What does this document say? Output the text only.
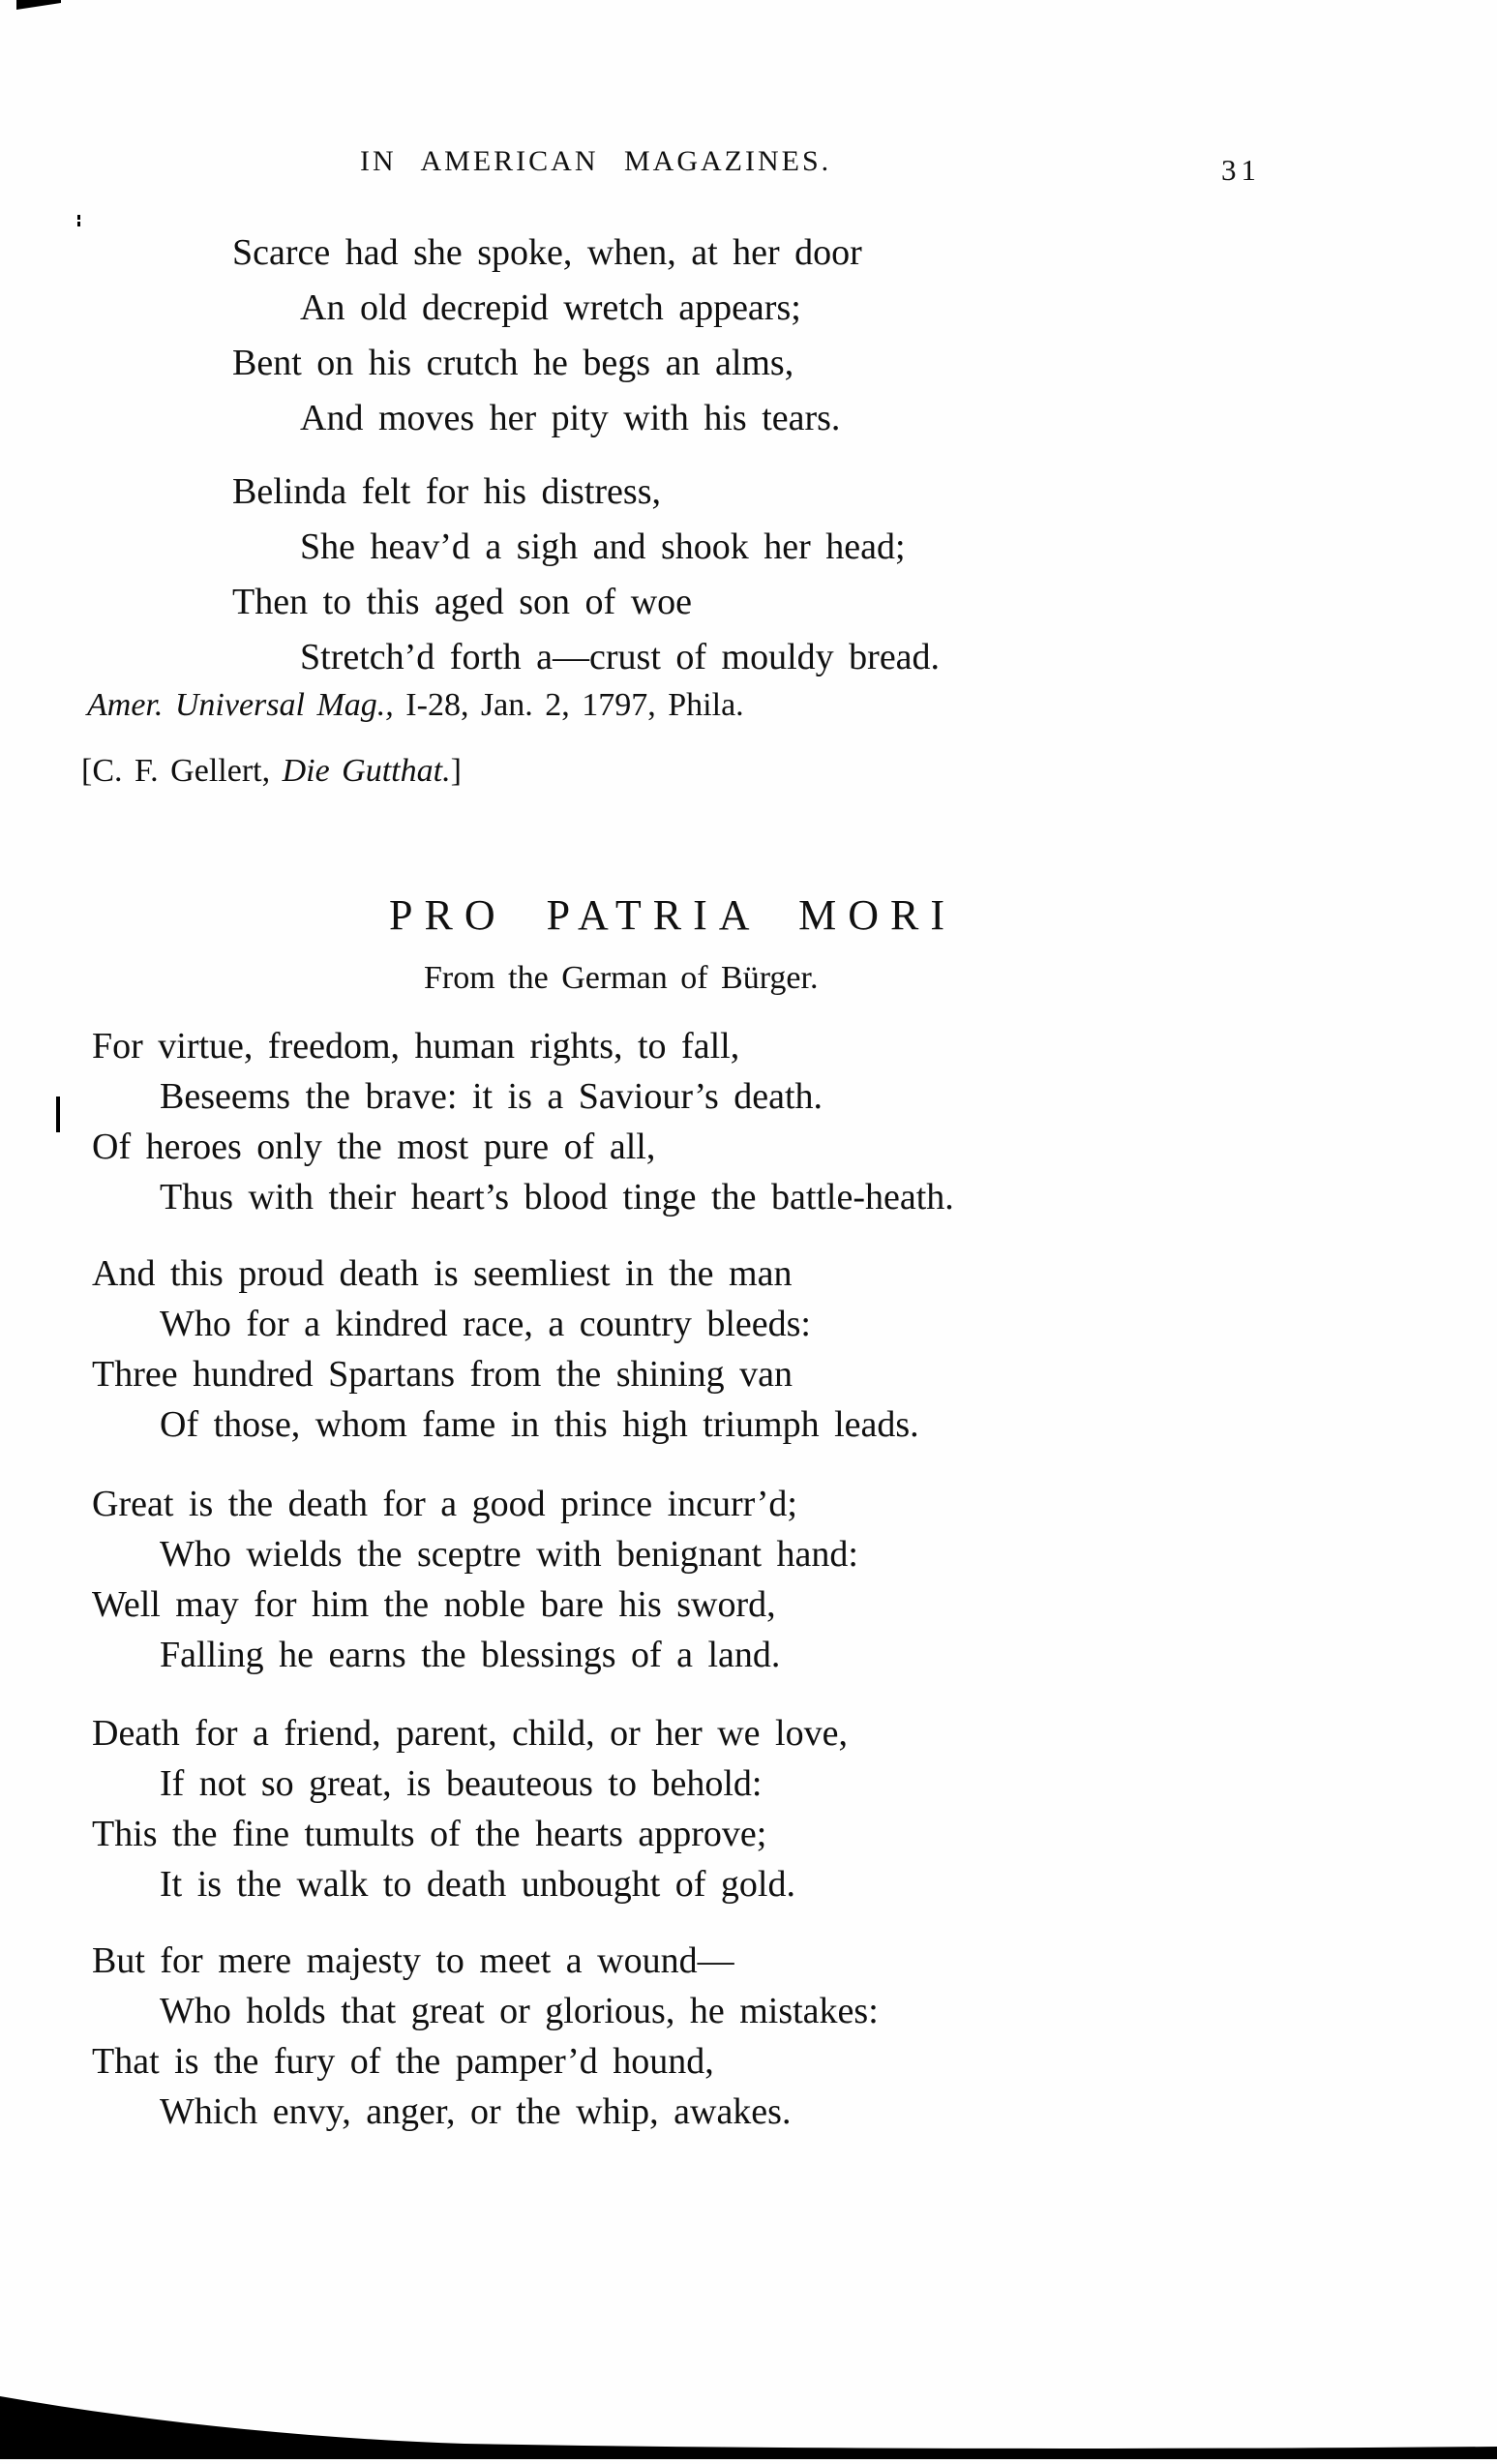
IN AMERICAN MAGAZINES.	31
Scarce had she spoke, when, at her door
An old decrepid wretch appears;
Bent on his crutch he begs an alms,
And moves her pity with his tears.
Belinda felt for his distress,
She heav’d a sigh and shook her head;
Then to this aged son of woe
Stretch’d forth a—crust of mouldy bread.
Amer. Universal Mag., I-28, Jan. 2, 1797, Phila.
[C. F. Gellert, Die Gutthat.]
PRO PATRIA MORI
From the German of Bürger.
For virtue, freedom, human rights, to fall,
Beseems the brave: it is a Saviour’s death.
Of heroes only the most pure of all,
Thus with their heart’s blood tinge the battle-heath.
And this proud death is seemliest in the man
Who for a kindred race, a country bleeds:
Three hundred Spartans from the shining van
Of those, whom fame in this high triumph leads.
Great is the death for a good prince incurr’d;
Who wields the sceptre with benignant hand:
Well may for him the noble bare his sword,
Falling he earns the blessings of a land.
Death for a friend, parent, child, or her we love,
If not so great, is beauteous to behold:
This the fine tumults of the hearts approve;
It is the walk to death unbought of gold.
But for mere majesty to meet a wound—
Who holds that great or glorious, he mistakes:
That is the fury of the pamper’d hound,
Which envy, anger, or the whip, awakes.
